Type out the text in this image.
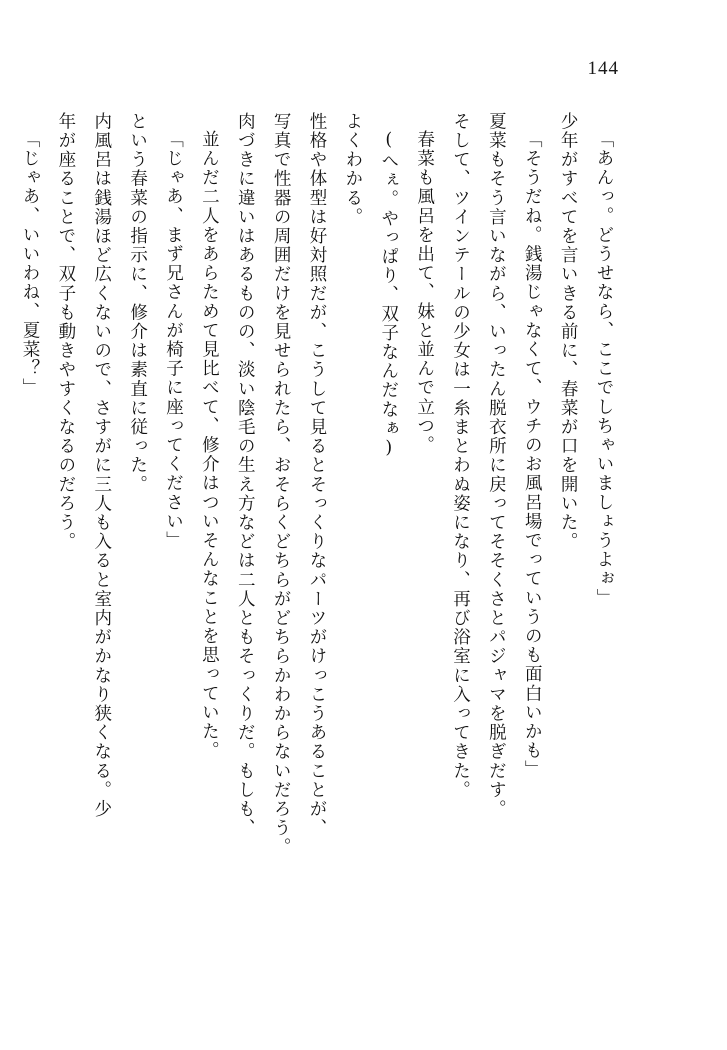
144

「あんっ。どうせなら、ここでしちゃいましょうよぉ」

少年がすべてを言いきる前に、春菜が口を開いた。

「そうだね。銭湯じゃなくて、ウチのお風呂場でっていうのも面白いかも」

夏菜もそう言いながら、いったん脱衣所に戻ってそそくさとパジャマを脱ぎだす。

そして、ツインテールの少女は一糸まとわぬ姿になり、再び浴室に入ってきた。

春菜も風呂を出て、妹と並んで立つ。

(へぇ。やっぱり、双子なんだなぁ)

よくわかる。

性格や体型は好対照だが、こうして見るとそっくりなパーツがけっこうあることが、

写真で性器の周囲だけを見せられたら、おそらくどちらがどちらかわからないだろう。

肉づきに違いはあるものの、淡い陰毛の生え方などは二人ともそっくりだ。もしも、

並んだ二人をあらためて見比べて、修介はついそんなことを思っていた。

「じゃあ、まず兄さんが椅子に座ってください」

という春菜の指示に、修介は素直に従った。

内風呂は銭湯ほど広くないので、さすがに三人も入ると室内がかなり狭くなる。少

年が座ることで、双子も動きやすくなるのだろう。

「じゃあ、いいわね、夏菜？」
